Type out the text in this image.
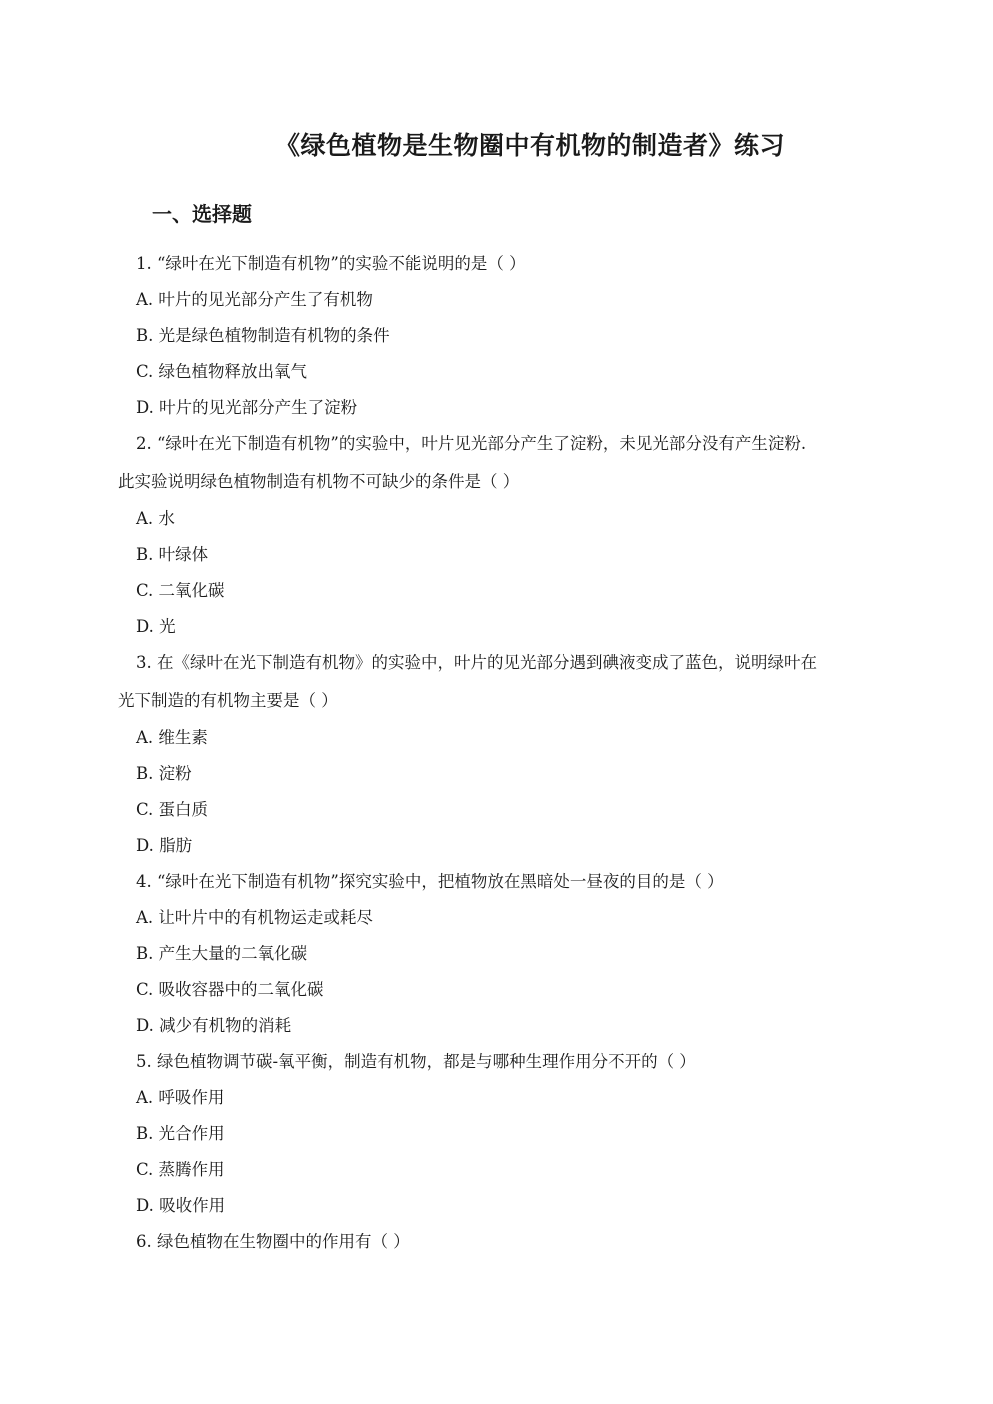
《绿色植物是生物圈中有机物的制造者》练习
一、选择题
1. “绿叶在光下制造有机物”的实验不能说明的是（ ）
A. 叶片的见光部分产生了有机物
B. 光是绿色植物制造有机物的条件
C. 绿色植物释放出氧气
D. 叶片的见光部分产生了淀粉
2. “绿叶在光下制造有机物”的实验中，叶片见光部分产生了淀粉，未见光部分没有产生淀粉.
此实验说明绿色植物制造有机物不可缺少的条件是（ ）
A. 水
B. 叶绿体
C. 二氧化碳
D. 光
3. 在《绿叶在光下制造有机物》的实验中，叶片的见光部分遇到碘液变成了蓝色，说明绿叶在
光下制造的有机物主要是（ ）
A. 维生素
B. 淀粉
C. 蛋白质
D. 脂肪
4. “绿叶在光下制造有机物”探究实验中，把植物放在黑暗处一昼夜的目的是（ ）
A. 让叶片中的有机物运走或耗尽
B. 产生大量的二氧化碳
C. 吸收容器中的二氧化碳
D. 减少有机物的消耗
5. 绿色植物调节碳-氧平衡，制造有机物，都是与哪种生理作用分不开的（ ）
A. 呼吸作用
B. 光合作用
C. 蒸腾作用
D. 吸收作用
6. 绿色植物在生物圈中的作用有（ ）
